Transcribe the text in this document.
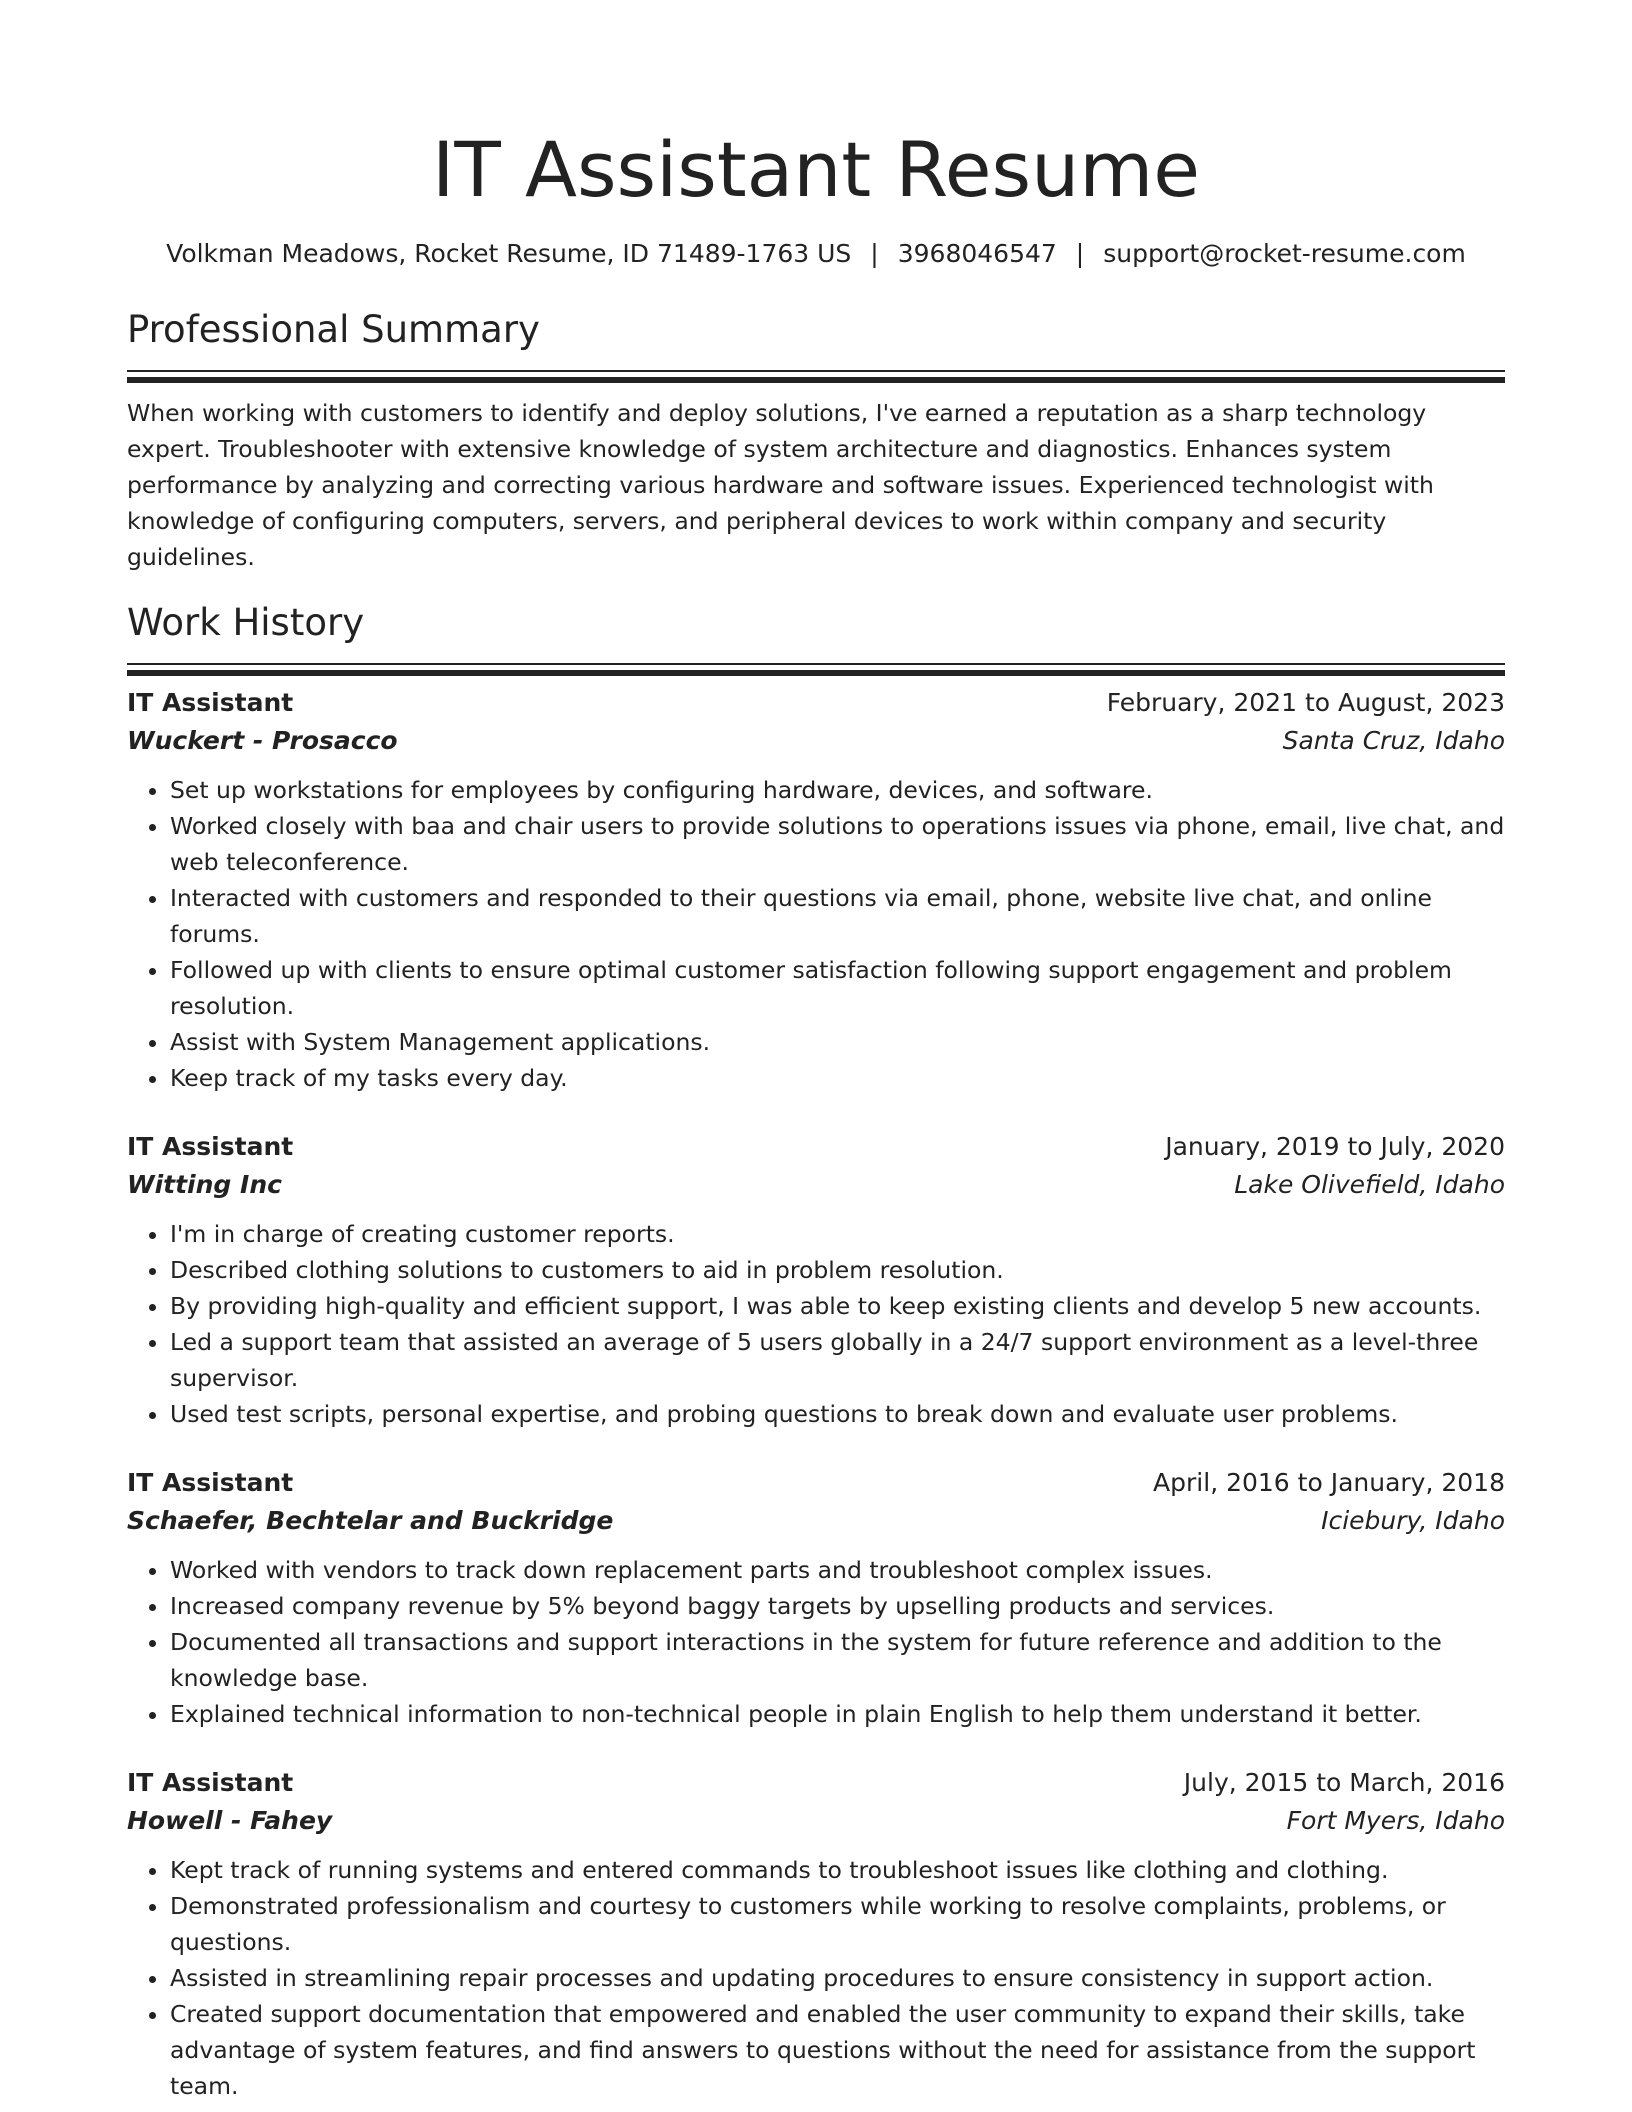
IT Assistant Resume
Volkman Meadows, Rocket Resume, ID 71489-1763 US | 3968046547 | support@rocket-resume.com
Professional Summary

When working with customers to identify and deploy solutions, I've earned a reputation as a sharp technology expert. Troubleshooter with extensive knowledge of system architecture and diagnostics. Enhances system performance by analyzing and correcting various hardware and software issues. Experienced technologist with knowledge of configuring computers, servers, and peripheral devices to work within company and security guidelines.

Work History
IT Assistant	February, 2021 to August, 2023
Wuckert - Prosacco	Santa Cruz, Idaho
• Set up workstations for employees by configuring hardware, devices, and software.
• Worked closely with baa and chair users to provide solutions to operations issues via phone, email, live chat, and web teleconference.
• Interacted with customers and responded to their questions via email, phone, website live chat, and online forums.
• Followed up with clients to ensure optimal customer satisfaction following support engagement and problem resolution.
• Assist with System Management applications.
• Keep track of my tasks every day.
IT Assistant	January, 2019 to July, 2020
Witting Inc	Lake Olivefield, Idaho
• I'm in charge of creating customer reports.
• Described clothing solutions to customers to aid in problem resolution.
• By providing high-quality and efficient support, I was able to keep existing clients and develop 5 new accounts.
• Led a support team that assisted an average of 5 users globally in a 24/7 support environment as a level-three supervisor.
• Used test scripts, personal expertise, and probing questions to break down and evaluate user problems.
IT Assistant	April, 2016 to January, 2018
Schaefer, Bechtelar and Buckridge	Iciebury, Idaho
• Worked with vendors to track down replacement parts and troubleshoot complex issues.
• Increased company revenue by 5% beyond baggy targets by upselling products and services.
• Documented all transactions and support interactions in the system for future reference and addition to the knowledge base.
• Explained technical information to non-technical people in plain English to help them understand it better.
IT Assistant	July, 2015 to March, 2016
Howell - Fahey	Fort Myers, Idaho
• Kept track of running systems and entered commands to troubleshoot issues like clothing and clothing.
• Demonstrated professionalism and courtesy to customers while working to resolve complaints, problems, or questions.
• Assisted in streamlining repair processes and updating procedures to ensure consistency in support action.
• Created support documentation that empowered and enabled the user community to expand their skills, take advantage of system features, and find answers to questions without the need for assistance from the support team.
